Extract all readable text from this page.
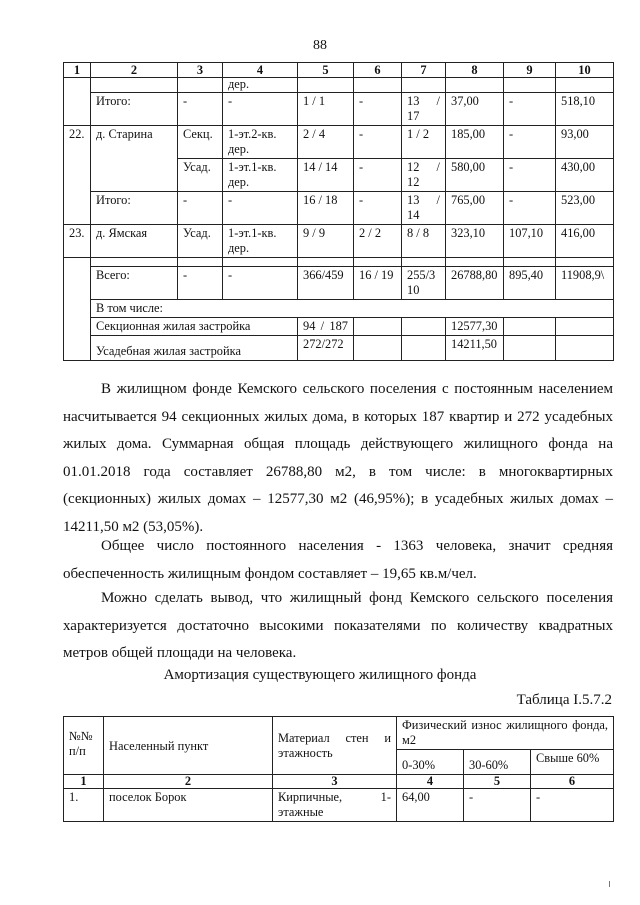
88
1	2	3	4	5	6	7	8	9	10
			дер.						
	Итого:	-	-	1 / 1	-	13 / 17	37,00	-	518,10
22.	д. Старина	Секц.	1-эт.2-кв. дер.	2 / 4	-	1 / 2	185,00	-	93,00
		Усад.	1-эт.1-кв. дер.	14 / 14	-	12 / 12	580,00	-	430,00
	Итого:	-	-	16 / 18	-	13 / 14	765,00	-	523,00
23.	д. Ямская	Усад.	1-эт.1-кв. дер.	9 / 9	2 / 2	8 / 8	323,10	107,10	416,00

	Всего:	-	-	366/459	16 / 19	255/310	26788,80	895,40	11908,9\
	В том числе:								
	Секционная жилая застройка			94 / 187			12577,30		
	Усадебная жилая застройка			272/272			14211,50		

В жилищном фонде Кемского сельского поселения с постоянным населением насчитывается 94 секционных жилых дома, в которых 187 квартир и 272 усадебных жилых дома. Суммарная общая площадь действующего жилищного фонда на 01.01.2018 года составляет 26788,80 м2, в том числе: в многоквартирных (секционных) жилых домах – 12577,30 м2 (46,95%); в усадебных жилых домах – 14211,50 м2 (53,05%).

Общее число постоянного населения - 1363 человека, значит средняя обеспеченность жилищным фондом составляет – 19,65 кв.м/чел.

Можно сделать вывод, что жилищный фонд Кемского сельского поселения характеризуется достаточно высокими показателями по количеству квадратных метров общей площади на человека.

Амортизация существующего жилищного фонда
Таблица I.5.7.2
№№ п/п	Населенный пункт	Материал стен и этажность	Физический износ жилищного фонда, м2		
			0-30%	30-60%	Свыше 60%
1	2	3	4	5	6
1.	поселок Борок	Кирпичные, 1-этажные	64,00	-	-
